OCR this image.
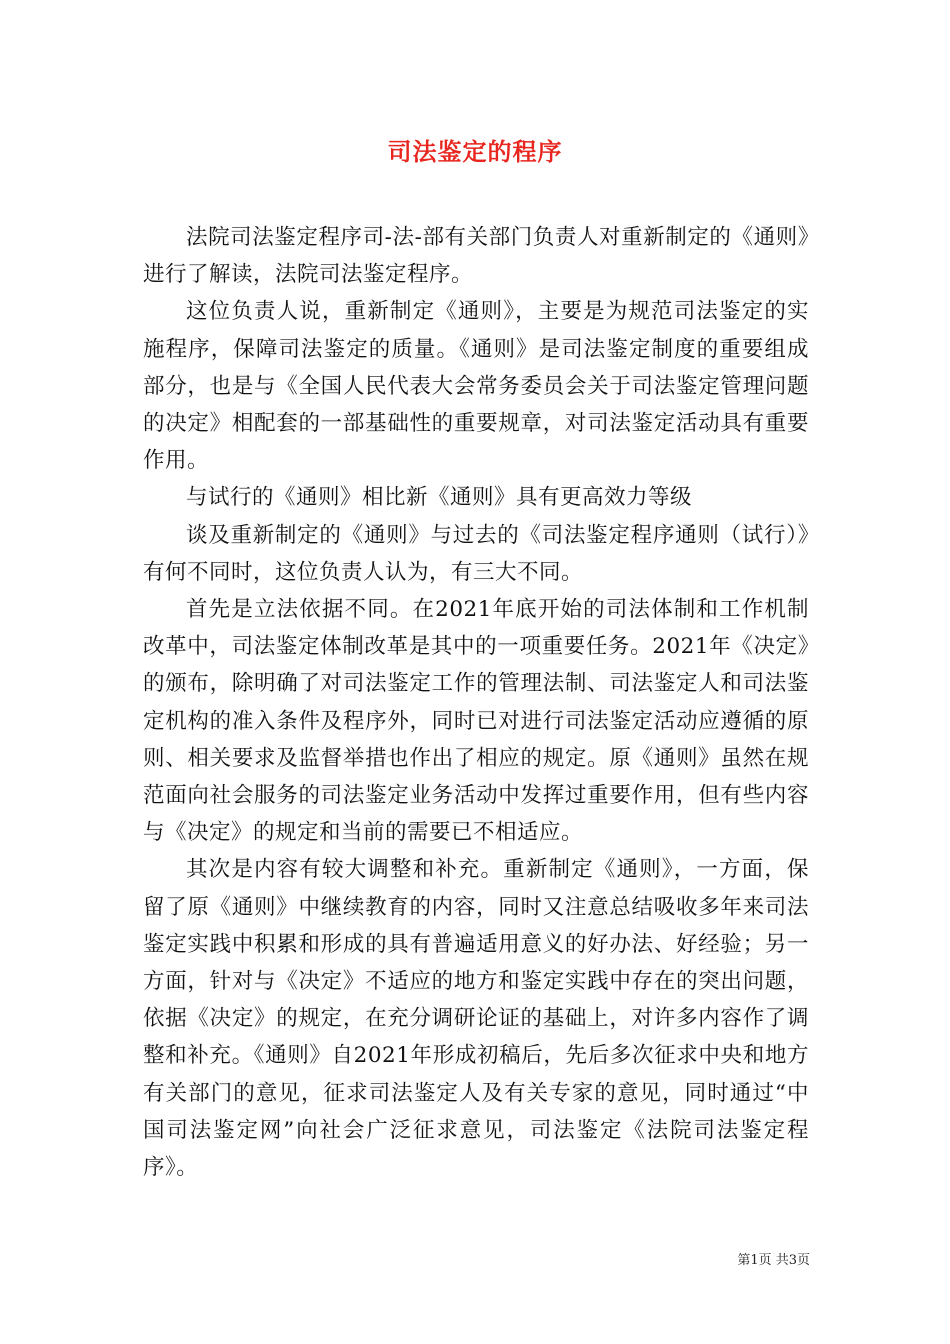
司法鉴定的程序

法院司法鉴定程序司-法-部有关部门负责人对重新制定的《通则》进行了解读，法院司法鉴定程序。

这位负责人说，重新制定《通则》，主要是为规范司法鉴定的实施程序，保障司法鉴定的质量。《通则》是司法鉴定制度的重要组成部分，也是与《全国人民代表大会常务委员会关于司法鉴定管理问题的决定》相配套的一部基础性的重要规章，对司法鉴定活动具有重要作用。

与试行的《通则》相比新《通则》具有更高效力等级

谈及重新制定的《通则》与过去的《司法鉴定程序通则（试行）》有何不同时，这位负责人认为，有三大不同。

首先是立法依据不同。在2021年底开始的司法体制和工作机制改革中，司法鉴定体制改革是其中的一项重要任务。2021年《决定》的颁布，除明确了对司法鉴定工作的管理法制、司法鉴定人和司法鉴定机构的准入条件及程序外，同时已对进行司法鉴定活动应遵循的原则、相关要求及监督举措也作出了相应的规定。原《通则》虽然在规范面向社会服务的司法鉴定业务活动中发挥过重要作用，但有些内容与《决定》的规定和当前的需要已不相适应。

其次是内容有较大调整和补充。重新制定《通则》，一方面，保留了原《通则》中继续教育的内容，同时又注意总结吸收多年来司法鉴定实践中积累和形成的具有普遍适用意义的好办法、好经验；另一方面，针对与《决定》不适应的地方和鉴定实践中存在的突出问题，依据《决定》的规定，在充分调研论证的基础上，对许多内容作了调整和补充。《通则》自2021年形成初稿后，先后多次征求中央和地方有关部门的意见，征求司法鉴定人及有关专家的意见，同时通过“中国司法鉴定网”向社会广泛征求意见，司法鉴定《法院司法鉴定程序》。

第1页 共3页
